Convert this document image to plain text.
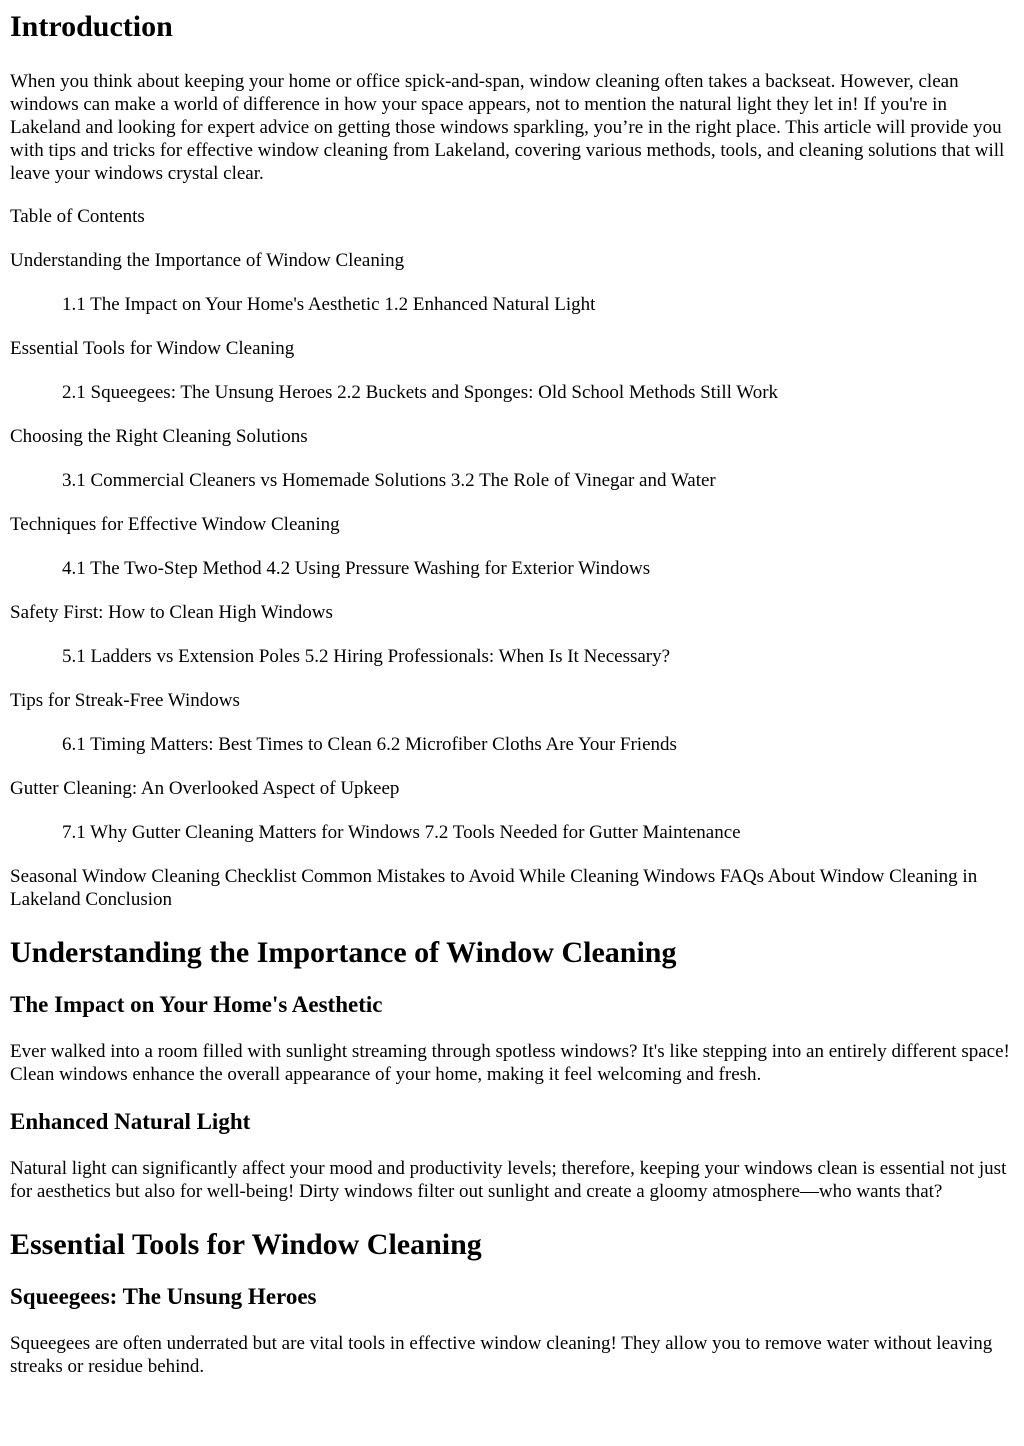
Introduction

When you think about keeping your home or office spick-and-span, window cleaning often takes a backseat. However, clean windows can make a world of difference in how your space appears, not to mention the natural light they let in! If you're in Lakeland and looking for expert advice on getting those windows sparkling, you’re in the right place. This article will provide you with tips and tricks for effective window cleaning from Lakeland, covering various methods, tools, and cleaning solutions that will leave your windows crystal clear.

Table of Contents

Understanding the Importance of Window Cleaning

1.1 The Impact on Your Home's Aesthetic 1.2 Enhanced Natural Light

Essential Tools for Window Cleaning

2.1 Squeegees: The Unsung Heroes 2.2 Buckets and Sponges: Old School Methods Still Work

Choosing the Right Cleaning Solutions

3.1 Commercial Cleaners vs Homemade Solutions 3.2 The Role of Vinegar and Water

Techniques for Effective Window Cleaning

4.1 The Two-Step Method 4.2 Using Pressure Washing for Exterior Windows

Safety First: How to Clean High Windows

5.1 Ladders vs Extension Poles 5.2 Hiring Professionals: When Is It Necessary?

Tips for Streak-Free Windows

6.1 Timing Matters: Best Times to Clean 6.2 Microfiber Cloths Are Your Friends

Gutter Cleaning: An Overlooked Aspect of Upkeep

7.1 Why Gutter Cleaning Matters for Windows 7.2 Tools Needed for Gutter Maintenance

Seasonal Window Cleaning Checklist Common Mistakes to Avoid While Cleaning Windows FAQs About Window Cleaning in Lakeland Conclusion

Understanding the Importance of Window Cleaning
The Impact on Your Home's Aesthetic

Ever walked into a room filled with sunlight streaming through spotless windows? It's like stepping into an entirely different space! Clean windows enhance the overall appearance of your home, making it feel welcoming and fresh.

Enhanced Natural Light

Natural light can significantly affect your mood and productivity levels; therefore, keeping your windows clean is essential not just for aesthetics but also for well-being! Dirty windows filter out sunlight and create a gloomy atmosphere—who wants that?

Essential Tools for Window Cleaning
Squeegees: The Unsung Heroes

Squeegees are often underrated but are vital tools in effective window cleaning! They allow you to remove water without leaving streaks or residue behind.
